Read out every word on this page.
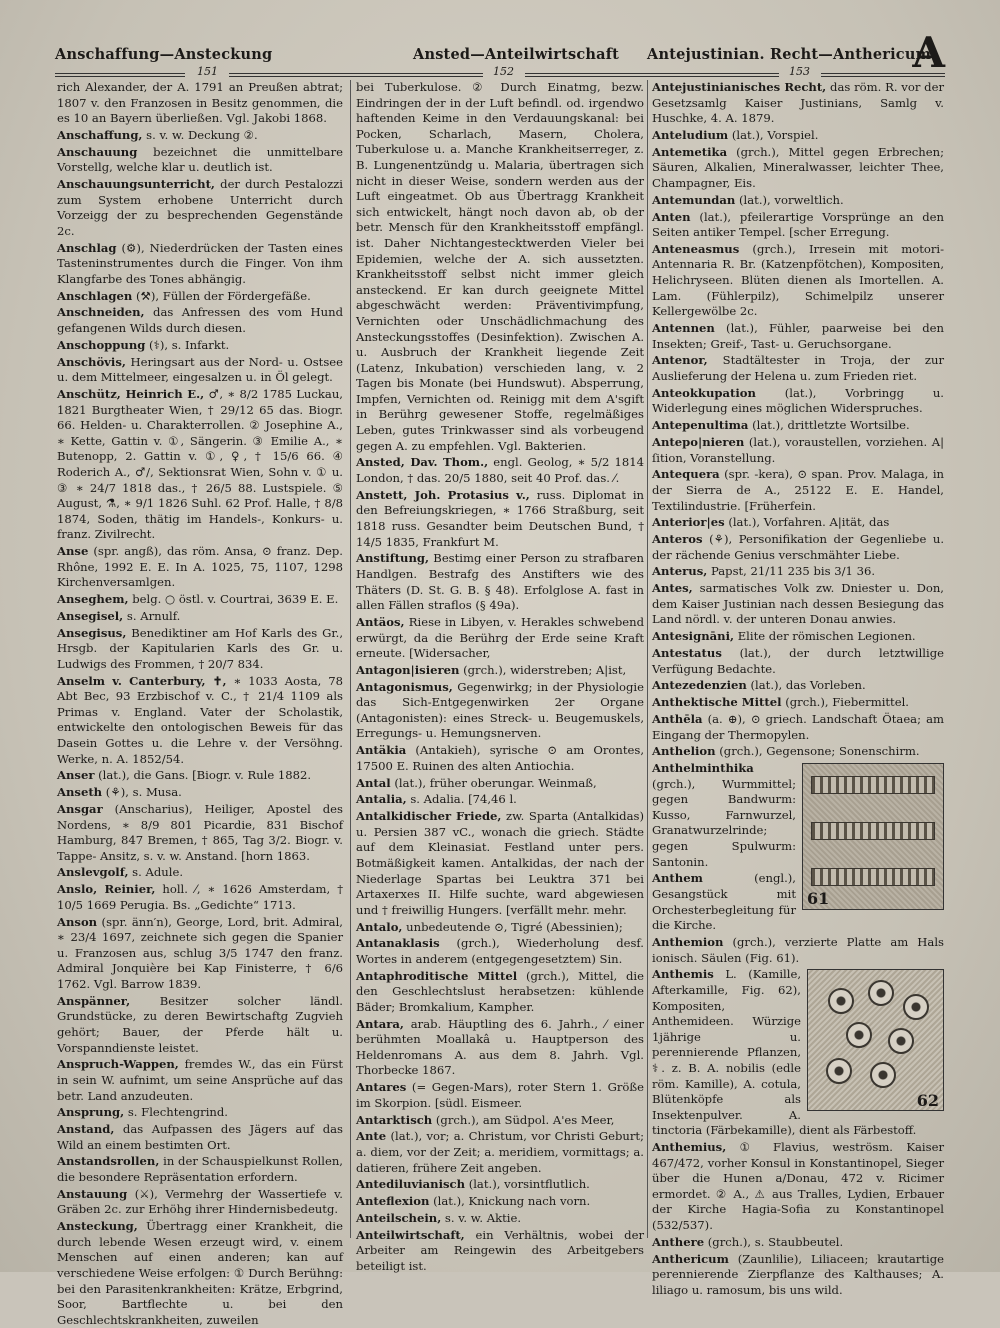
Anschaffung—Ansteckung	Ansted—Anteilwirtschaft Antejustinian. Recht—Anthericum
A
151	152	153
rich Alexander, der A. 1791 an Preußen abtrat; 1807 v. den Franzosen in Besitz genommen, die es 10 an Bayern überließen. Vgl. Jakobi 1868.
Anschaffung, s. v. w. Deckung ②.
Anschauung bezeichnet die unmittelbare Vorstellg, welche klar u. deutlich ist.
Anschauungsunterricht, der durch Pestalozzi zum System erhobene Unterricht durch Vorzeigg der zu besprechenden Gegenstände 2c.
Anschlag (⚙), Niederdrücken der Tasten eines Tasteninstrumentes durch die Finger. Von ihm Klangfarbe des Tones abhängig.
Anschlagen (⚒), Füllen der Fördergefäße.
Anschneiden, das Anfressen des vom Hund gefangenen Wilds durch diesen.
Anschoppung (⚕), s. Infarkt.
Anschövis, Heringsart aus der Nord- u. Ostsee u. dem Mittelmeer, eingesalzen u. in Öl gelegt.
Anschütz, Heinrich E., ♂, ∗ 8/2 1785 Luckau, 1821 Burgtheater Wien, † 29/12 65 das. Biogr. 66. Helden- u. Charakterrollen. ② Josephine A., ∗ Kette, Gattin v. ①, Sängerin. ③ Emilie A., ∗ Butenopp, 2. Gattin v. ①, ♀, † 15/6 66. ④ Roderich A., ♂/, Sektionsrat Wien, Sohn v. ① u. ③ ∗ 24/7 1818 das., † 26/5 88. Lustspiele. ⑤ August, ⚗, ∗ 9/1 1826 Suhl. 62 Prof. Halle, † 8/8 1874, Soden, thätig im Handels-, Konkurs- u. franz. Zivilrecht.
Anse (spr. angß), das röm. Ansa, ⊙ franz. Dep. Rhône, 1992 E. E. In A. 1025, 75, 1107, 1298 Kirchenversamlgen.
Anseghem, belg. ○ östl. v. Courtrai, 3639 E. E.
Ansegisel, s. Arnulf.
Ansegisus, Benediktiner am Hof Karls des Gr., Hrsgb. der Kapitularien Karls des Gr. u. Ludwigs des Frommen, † 20/7 834.
Anselm v. Canterbury, ✝, ∗ 1033 Aosta, 78 Abt Bec, 93 Erzbischof v. C., † 21/4 1109 als Primas v. England. Vater der Scholastik, entwickelte den ontologischen Beweis für das Dasein Gottes u. die Lehre v. der Versöhng. Werke, n. A. 1852/54.
Anser (lat.), die Gans. [Biogr. v. Rule 1882.
Anseth (⚘), s. Musa.
Ansgar (Anscharius), Heiliger, Apostel des Nordens, ∗ 8/9 801 Picardie, 831 Bischof Hamburg, 847 Bremen, † 865, Tag 3/2. Biogr. v. Tappe- Ansitz, s. v. w. Anstand. [horn 1863.
Anslevgolf, s. Adule.
Anslo, Reinier, holl. ⁄, ∗ 1626 Amsterdam, † 10/5 1669 Perugia. Bs. „Gedichte“ 1713.
Anson (spr. änn′n), George, Lord, brit. Admiral, ∗ 23/4 1697, zeichnete sich gegen die Spanier u. Franzosen aus, schlug 3/5 1747 den franz. Admiral Jonquière bei Kap Finisterre, † 6/6 1762. Vgl. Barrow 1839.
Anspänner, Besitzer solcher ländl. Grundstücke, zu deren Bewirtschaftg Zugvieh gehört; Bauer, der Pferde hält u. Vorspanndienste leistet.
Anspruch-Wappen, fremdes W., das ein Fürst in sein W. aufnimt, um seine Ansprüche auf das betr. Land anzudeuten.
Ansprung, s. Flechtengrind.
Anstand, das Aufpassen des Jägers auf das Wild an einem bestimten Ort.
Anstandsrollen, in der Schauspielkunst Rollen, die besondere Repräsentation erfordern.
Anstauung (⚔), Vermehrg der Wassertiefe v. Gräben 2c. zur Erhöhg ihrer Hindernisbedeutg.
Ansteckung, Übertragg einer Krankheit, die durch lebende Wesen erzeugt wird, v. einem Menschen auf einen anderen; kan auf verschiedene Weise erfolgen: ① Durch Berühng: bei den Parasitenkrankheiten: Krätze, Erbgrind, Soor, Bartflechte u. bei den Geschlechtskrankheiten, zuweilen
bei Tuberkulose. ② Durch Einatmg, bezw. Eindringen der in der Luft befindl. od. irgendwo haftenden Keime in den Verdauungskanal: bei Pocken, Scharlach, Masern, Cholera, Tuberkulose u. a. Manche Krankheitserreger, z. B. Lungenentzündg u. Malaria, übertragen sich nicht in dieser Weise, sondern werden aus der Luft eingeatmet. Ob aus Übertragg Krankheit sich entwickelt, hängt noch davon ab, ob der betr. Mensch für den Krankheitsstoff empfängl. ist. Daher Nichtangestecktwerden Vieler bei Epidemien, welche der A. sich aussetzten. Krankheitsstoff selbst nicht immer gleich ansteckend. Er kan durch geeignete Mittel abgeschwächt werden: Präventivimpfung, Vernichten oder Unschädlichmachung des Ansteckungsstoffes (Desinfektion). Zwischen A. u. Ausbruch der Krankheit liegende Zeit (Latenz, Inkubation) verschieden lang, v. 2 Tagen bis Monate (bei Hundswut). Absperrung, Impfen, Vernichten od. Reinigg mit dem A'sgift in Berührg gewesener Stoffe, regelmäßiges Leben, gutes Trinkwasser sind als vorbeugend gegen A. zu empfehlen. Vgl. Bakterien.
Ansted, Dav. Thom., engl. Geolog, ∗ 5/2 1814 London, † das. 20/5 1880, seit 40 Prof. das. ⁄.
Anstett, Joh. Protasius v., russ. Diplomat in den Befreiungskriegen, ∗ 1766 Straßburg, seit 1818 russ. Gesandter beim Deutschen Bund, † 14/5 1835, Frankfurt M.
Anstiftung, Bestimg einer Person zu strafbaren Handlgen. Bestrafg des Anstifters wie des Thäters (D. St. G. B. § 48). Erfolglose A. fast in allen Fällen straflos (§ 49a).
Antäos, Riese in Libyen, v. Herakles schwebend erwürgt, da die Berührg der Erde seine Kraft erneute. [Widersacher,
Antagon|isieren (grch.), widerstreben; A|ist,
Antagonismus, Gegenwirkg; in der Physiologie das Sich-Entgegenwirken 2er Organe (Antagonisten): eines Streck- u. Beugemuskels, Erregungs- u. Hemungsnerven.
Antäkia (Antakieh), syrische ⊙ am Orontes, 17500 E. Ruinen des alten Antiochia.
Antal (lat.), früher oberungar. Weinmaß,
Antalia, s. Adalia. [74,46 l.
Antalkidischer Friede, zw. Sparta (Antalkidas) u. Persien 387 vC., wonach die griech. Städte auf dem Kleinasiat. Festland unter pers. Botmäßigkeit kamen. Antalkidas, der nach der Niederlage Spartas bei Leuktra 371 bei Artaxerxes II. Hilfe suchte, ward abgewiesen und † freiwillig Hungers. [verfällt mehr. mehr.
Antalo, unbedeutende ⊙, Tigré (Abessinien);
Antanaklasis (grch.), Wiederholung desf. Wortes in anderem (entgegengesetztem) Sin.
Antaphroditische Mittel (grch.), Mittel, die den Geschlechtslust herabsetzen: kühlende Bäder; Bromkalium, Kampher.
Antara, arab. Häuptling des 6. Jahrh., ⁄ einer berühmten Moallakâ u. Hauptperson des Heldenromans A. aus dem 8. Jahrh. Vgl. Thorbecke 1867.
Antares (= Gegen-Mars), roter Stern 1. Größe im Skorpion. [südl. Eismeer.
Antarktisch (grch.), am Südpol. A'es Meer,
Ante (lat.), vor; a. Christum, vor Christi Geburt; a. diem, vor der Zeit; a. meridiem, vormittags; a. datieren, frühere Zeit angeben.
Antediluvianisch (lat.), vorsintflutlich.
Anteflexion (lat.), Knickung nach vorn.
Anteilschein, s. v. w. Aktie.
Anteilwirtschaft, ein Verhältnis, wobei der Arbeiter am Reingewin des Arbeitgebers beteiligt ist.
Antejustinianisches Recht, das röm. R. vor der Gesetzsamlg Kaiser Justinians, Samlg v. Huschke, 4. A. 1879.
Anteludium (lat.), Vorspiel.
Antemetika (grch.), Mittel gegen Erbrechen; Säuren, Alkalien, Mineralwasser, leichter Thee, Champagner, Eis.
Antemundan (lat.), vorweltlich.
Anten (lat.), pfeilerartige Vorsprünge an den Seiten antiker Tempel. [scher Erregung.
Anteneasmus (grch.), Irresein mit motori- Antennaria R. Br. (Katzenpfötchen), Kompositen, Helichryseen. Blüten dienen als Imortellen. A. Lam. (Fühlerpilz), Schimelpilz unserer Kellergewölbe 2c.
Antennen (lat.), Fühler, paarweise bei den Insekten; Greif-, Tast- u. Geruchsorgane.
Antenor, Stadtältester in Troja, der zur Auslieferung der Helena u. zum Frieden riet.
Anteokkupation (lat.), Vorbringg u. Widerlegung eines möglichen Widerspruches.
Antepenultima (lat.), drittletzte Wortsilbe.
Antepo|nieren (lat.), voraustellen, vorziehen. A|ſition, Voranstellung.
Antequera (spr. -kera), ⊙ span. Prov. Malaga, in der Sierra de A., 25122 E. E. Handel, Textilindustrie. [Früherfein.
Anterior|es (lat.), Vorfahren. A|ität, das
Anteros (⚘), Personifikation der Gegenliebe u. der rächende Genius verschmähter Liebe.
Anterus, Papst, 21/11 235 bis 3/1 36.
Antes, sarmatisches Volk zw. Dniester u. Don, dem Kaiser Justinian nach dessen Besiegung das Land nördl. v. der unteren Donau anwies.
Antesignāni, Elite der römischen Legionen.
Antestatus (lat.), der durch letztwillige Verfügung Bedachte.
Antezedenzien (lat.), das Vorleben.
Anthektische Mittel (grch.), Fiebermittel.
Anthēla (a. ⊕), ⊙ griech. Landschaft Ötaea; am Eingang der Thermopylen.
Anthelion (grch.), Gegensone; Sonenschirm.
61
Anthelminthika (grch.), Wurmmittel; gegen Bandwurm: Kusso, Farnwurzel, Granatwurzelrinde; gegen Spulwurm: Santonin.
Anthem (engl.), Gesangstück mit Orchesterbegleitung für die Kirche.
Anthemion (grch.), verzierte Platte am Hals ionisch. Säulen (Fig. 61).
62
Anthemis L. (Kamille, Afterkamille, Fig. 62), Kompositen, Anthemideen. Würzige 1jährige u. perennierende Pflanzen, ⚕. z. B. A. nobilis (edle röm. Kamille), A. cotula, Blütenköpfe als Insektenpulver. A. tinctoria (Färbekamille), dient als Färbestoff.
Anthemius, ① Flavius, weströsm. Kaiser 467/472, vorher Konsul in Konstantinopel, Sieger über die Hunen a/Donau, 472 v. Ricimer ermordet. ② A., ⚠ aus Tralles, Lydien, Erbauer der Kirche Hagia-Sofia zu Konstantinopel (532/537).
Anthere (grch.), s. Staubbeutel.
Anthericum (Zaunlilie), Liliaceen; krautartige perennierende Zierpflanze des Kalthauses; A. liliago u. ramosum, bis uns wild.
